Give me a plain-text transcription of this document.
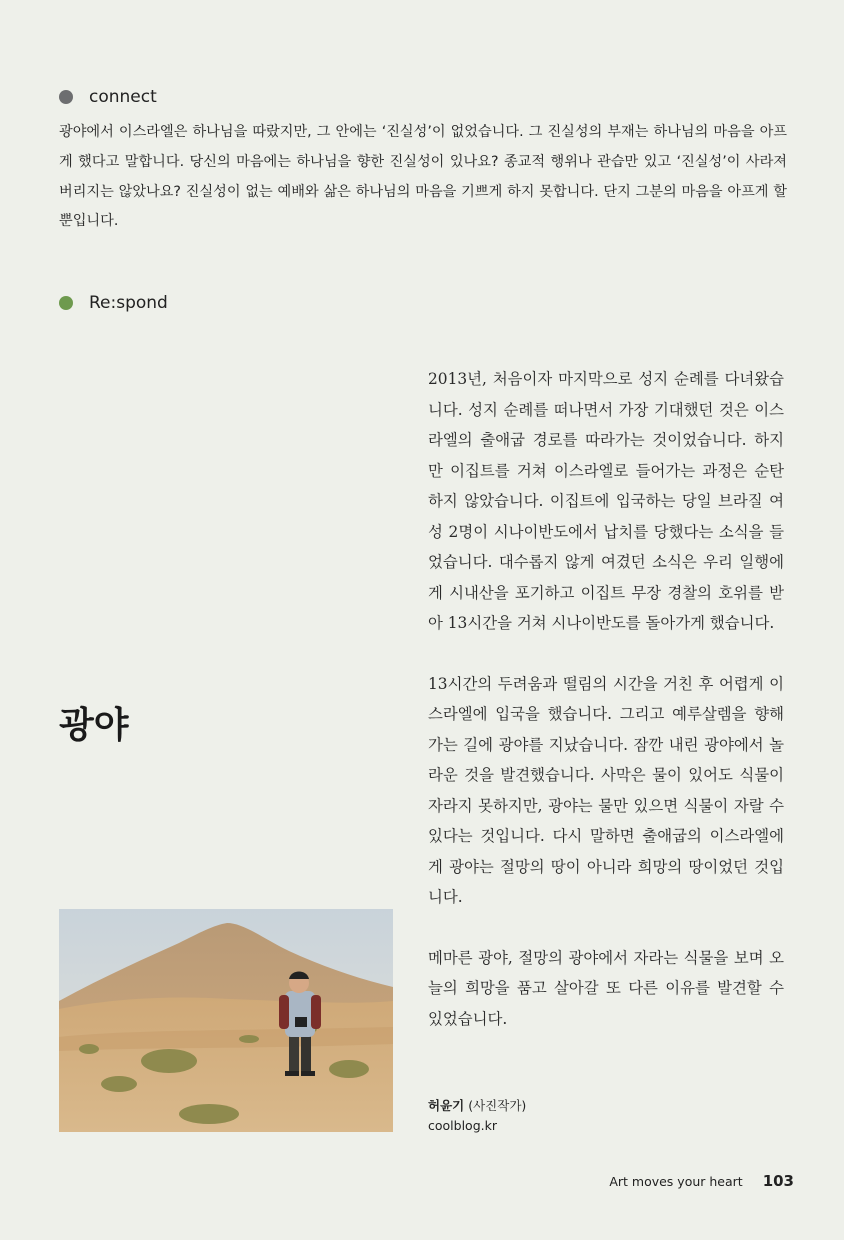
connect

광야에서 이스라엘은 하나님을 따랐지만, 그 안에는 ‘진실성’이 없었습니다. 그 진실성의 부재는 하나님의 마음을 아프게 했다고 말합니다. 당신의 마음에는 하나님을 향한 진실성이 있나요? 종교적 행위나 관습만 있고 ‘진실성’이 사라져 버리지는 않았나요? 진실성이 없는 예배와 삶은 하나님의 마음을 기쁘게 하지 못합니다. 단지 그분의 마음을 아프게 할 뿐입니다.

Re:spond
광야

2013년, 처음이자 마지막으로 성지 순례를 다녀왔습니다. 성지 순례를 떠나면서 가장 기대했던 것은 이스라엘의 출애굽 경로를 따라가는 것이었습니다. 하지만 이집트를 거쳐 이스라엘로 들어가는 과정은 순탄하지 않았습니다. 이집트에 입국하는 당일 브라질 여성 2명이 시나이반도에서 납치를 당했다는 소식을 들었습니다. 대수롭지 않게 여겼던 소식은 우리 일행에게 시내산을 포기하고 이집트 무장 경찰의 호위를 받아 13시간을 거쳐 시나이반도를 돌아가게 했습니다.

13시간의 두려움과 떨림의 시간을 거친 후 어렵게 이스라엘에 입국을 했습니다. 그리고 예루살렘을 향해 가는 길에 광야를 지났습니다. 잠깐 내린 광야에서 놀라운 것을 발견했습니다. 사막은 물이 있어도 식물이 자라지 못하지만, 광야는 물만 있으면 식물이 자랄 수 있다는 것입니다. 다시 말하면 출애굽의 이스라엘에게 광야는 절망의 땅이 아니라 희망의 땅이었던 것입니다.

메마른 광야, 절망의 광야에서 자라는 식물을 보며 오늘의 희망을 품고 살아갈 또 다른 이유를 발견할 수 있었습니다.

허윤기 (사진작가)
coolblog.kr
Art moves your heart 103
